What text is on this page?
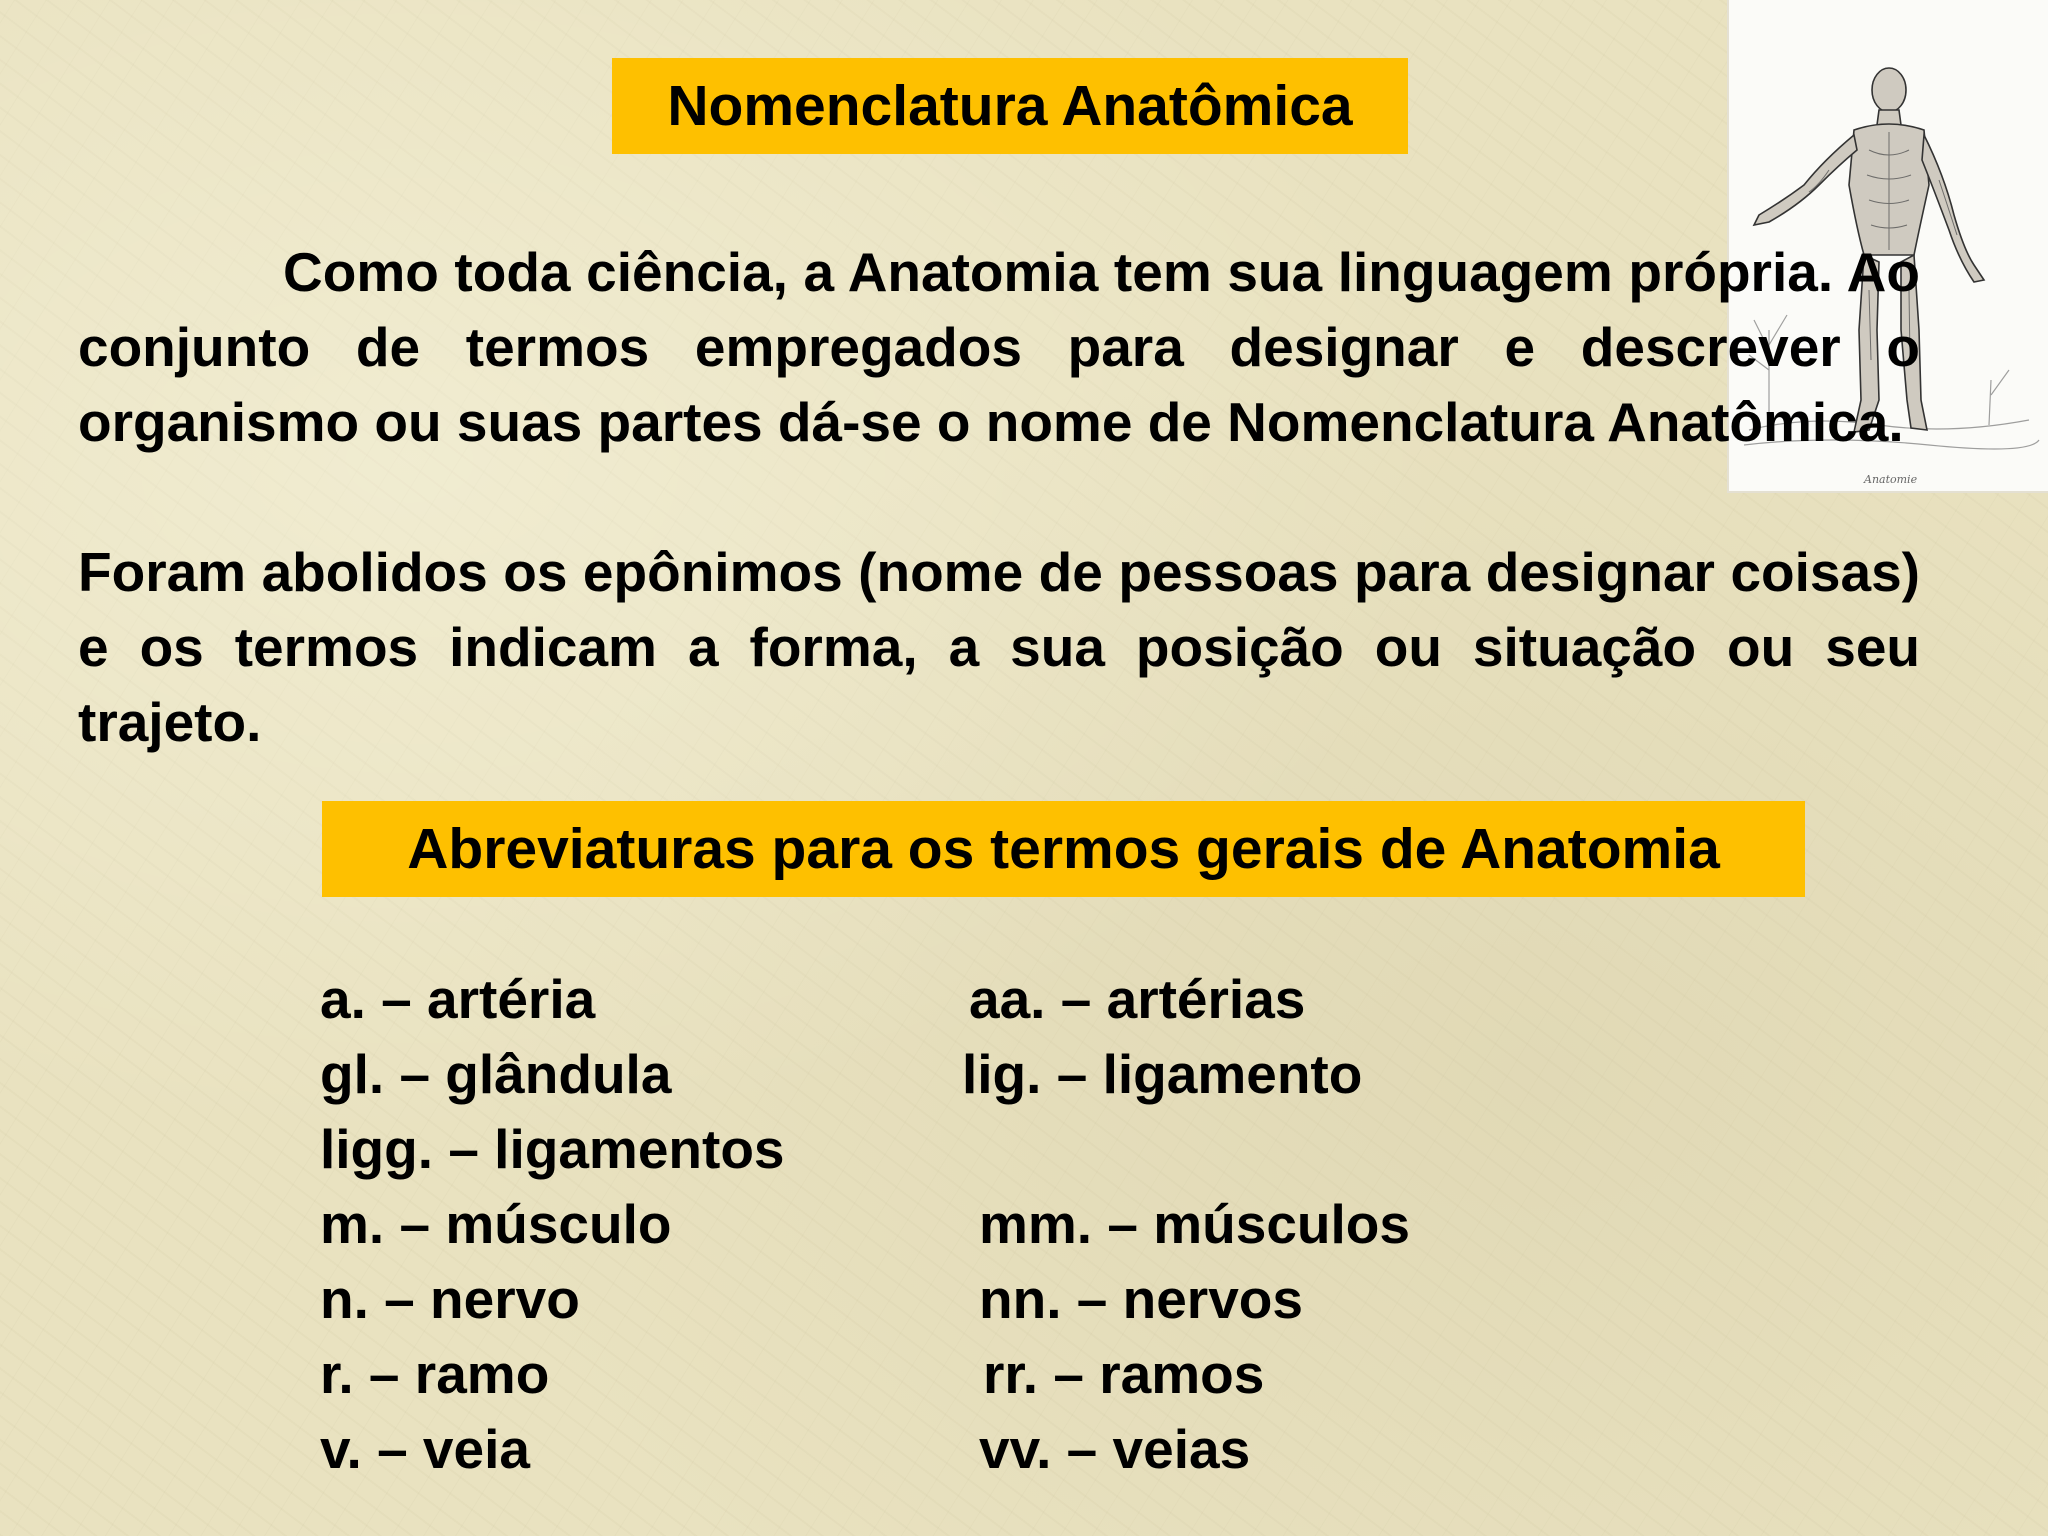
Nomenclatura Anatômica
Anatomie

Como toda ciência, a Anatomia tem sua linguagem própria. Ao conjunto de termos empregados para designar e descrever o organismo ou suas partes dá-se o nome de Nomenclatura Anatômica.

Foram abolidos os epônimos (nome de pessoas para designar coisas) e os termos indicam a forma, a sua posição ou situação ou seu trajeto.

Abreviaturas para os termos gerais de Anatomia

a. – artéria	aa. – artérias

gl. – glândula	lig. – ligamento

ligg. – ligamentos

m. – músculo	mm. – músculos

n. – nervo	nn. – nervos

r. – ramo	rr. – ramos

v. – veia	vv. – veias
